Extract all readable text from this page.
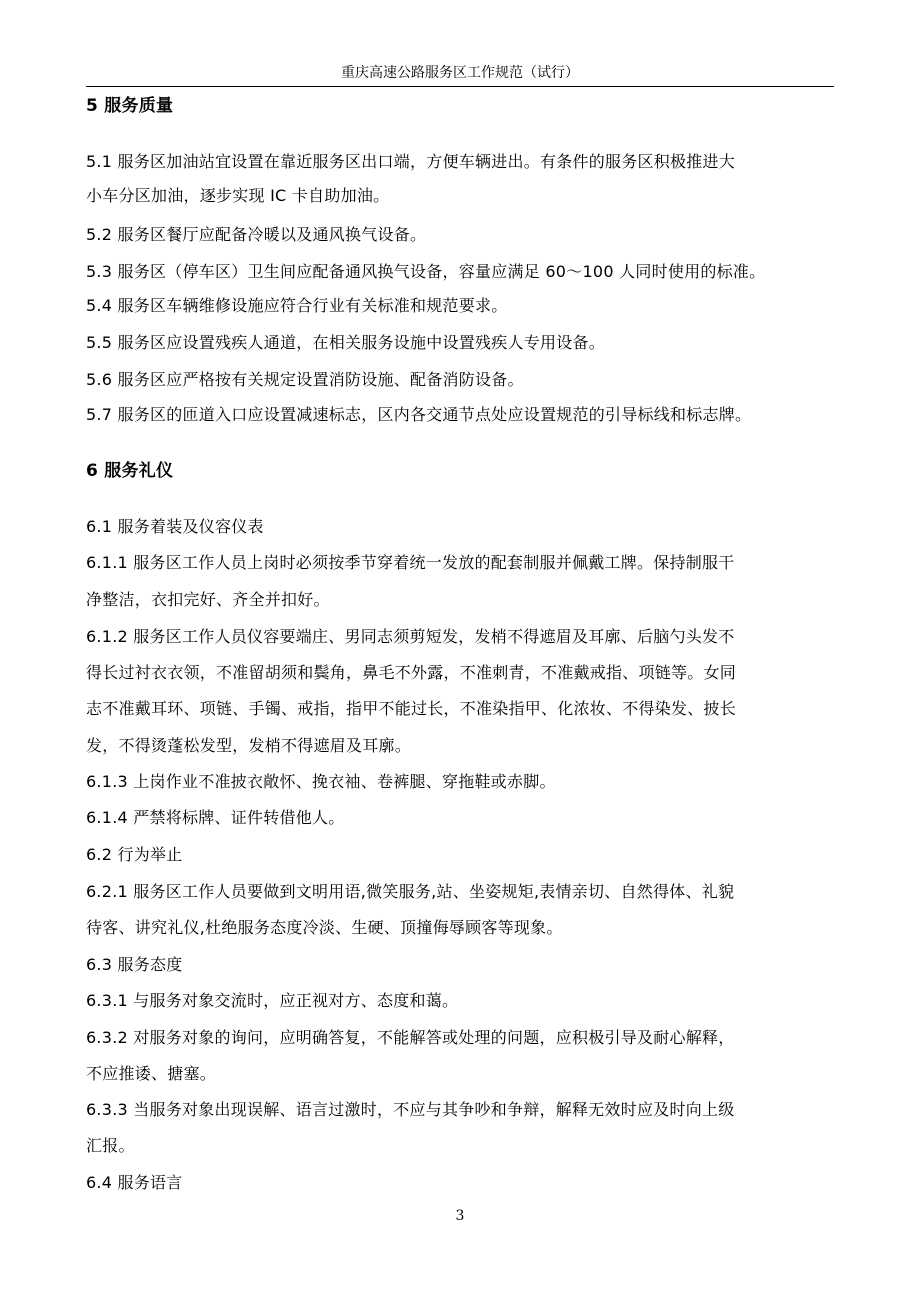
重庆高速公路服务区工作规范（试行）
5 服务质量
5.1 服务区加油站宜设置在靠近服务区出口端，方便车辆进出。有条件的服务区积极推进大
小车分区加油，逐步实现 IC 卡自助加油。
5.2 服务区餐厅应配备冷暖以及通风换气设备。
5.3 服务区（停车区）卫生间应配备通风换气设备，容量应满足 60～100 人同时使用的标准。
5.4 服务区车辆维修设施应符合行业有关标准和规范要求。
5.5 服务区应设置残疾人通道，在相关服务设施中设置残疾人专用设备。
5.6 服务区应严格按有关规定设置消防设施、配备消防设备。
5.7 服务区的匝道入口应设置减速标志，区内各交通节点处应设置规范的引导标线和标志牌。
6 服务礼仪
6.1 服务着装及仪容仪表
6.1.1 服务区工作人员上岗时必须按季节穿着统一发放的配套制服并佩戴工牌。保持制服干
净整洁，衣扣完好、齐全并扣好。
6.1.2 服务区工作人员仪容要端庄、男同志须剪短发，发梢不得遮眉及耳廓、后脑勺头发不
得长过衬衣衣领，不准留胡须和鬓角，鼻毛不外露，不准刺青，不准戴戒指、项链等。女同
志不准戴耳环、项链、手镯、戒指，指甲不能过长，不准染指甲、化浓妆、不得染发、披长
发，不得烫蓬松发型，发梢不得遮眉及耳廓。
6.1.3 上岗作业不准披衣敞怀、挽衣袖、卷裤腿、穿拖鞋或赤脚。
6.1.4 严禁将标牌、证件转借他人。
6.2 行为举止
6.2.1 服务区工作人员要做到文明用语,微笑服务,站、坐姿规矩,表情亲切、自然得体、礼貌
待客、讲究礼仪,杜绝服务态度冷淡、生硬、顶撞侮辱顾客等现象。
6.3 服务态度
6.3.1 与服务对象交流时，应正视对方、态度和蔼。
6.3.2 对服务对象的询问，应明确答复，不能解答或处理的问题，应积极引导及耐心解释，
不应推诿、搪塞。
6.3.3 当服务对象出现误解、语言过激时，不应与其争吵和争辩，解释无效时应及时向上级
汇报。
6.4 服务语言
3
